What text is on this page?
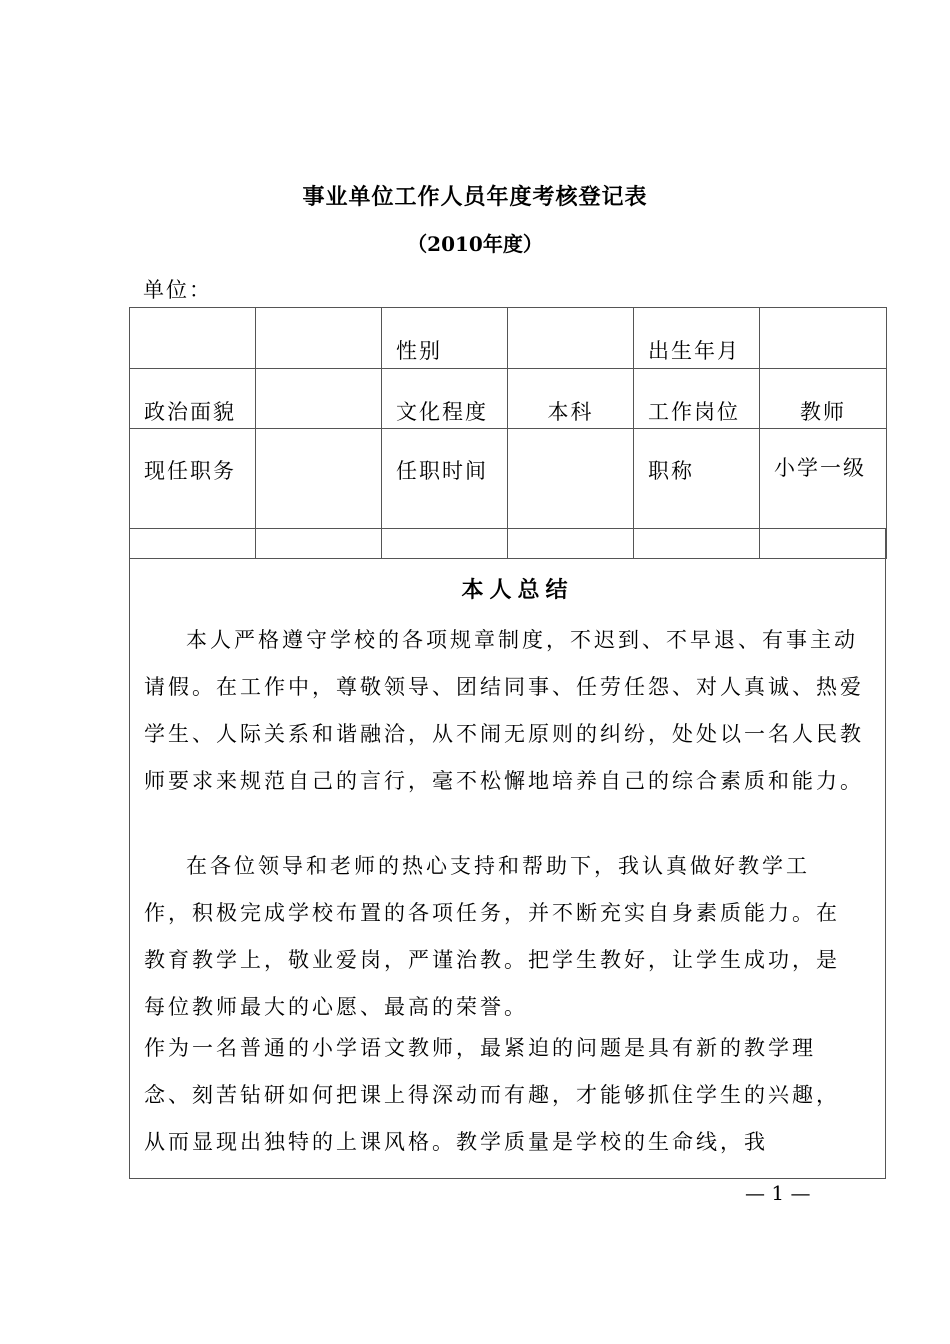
事业单位工作人员年度考核登记表
（2010年度）
单位：
		性别		出生年月	
政治面貌		文化程度	本科	工作岗位	教师
现任职务		任职时间		职称	小学一级
本人总结

本人严格遵守学校的各项规章制度，不迟到、不早退、有事主动请假。在工作中，尊敬领导、团结同事、任劳任怨、对人真诚、热爱学生、人际关系和谐融洽，从不闹无原则的纠纷，处处以一名人民教师要求来规范自己的言行，毫不松懈地培养自己的综合素质和能力。

在各位领导和老师的热心支持和帮助下，我认真做好教学工作，积极完成学校布置的各项任务，并不断充实自身素质能力。在教育教学上，敬业爱岗，严谨治教。把学生教好，让学生成功，是每位教师最大的心愿、最高的荣誉。

作为一名普通的小学语文教师，最紧迫的问题是具有新的教学理念、刻苦钻研如何把课上得深动而有趣，才能够抓住学生的兴趣，从而显现出独特的上课风格。教学质量是学校的生命线，我

— 1 —
